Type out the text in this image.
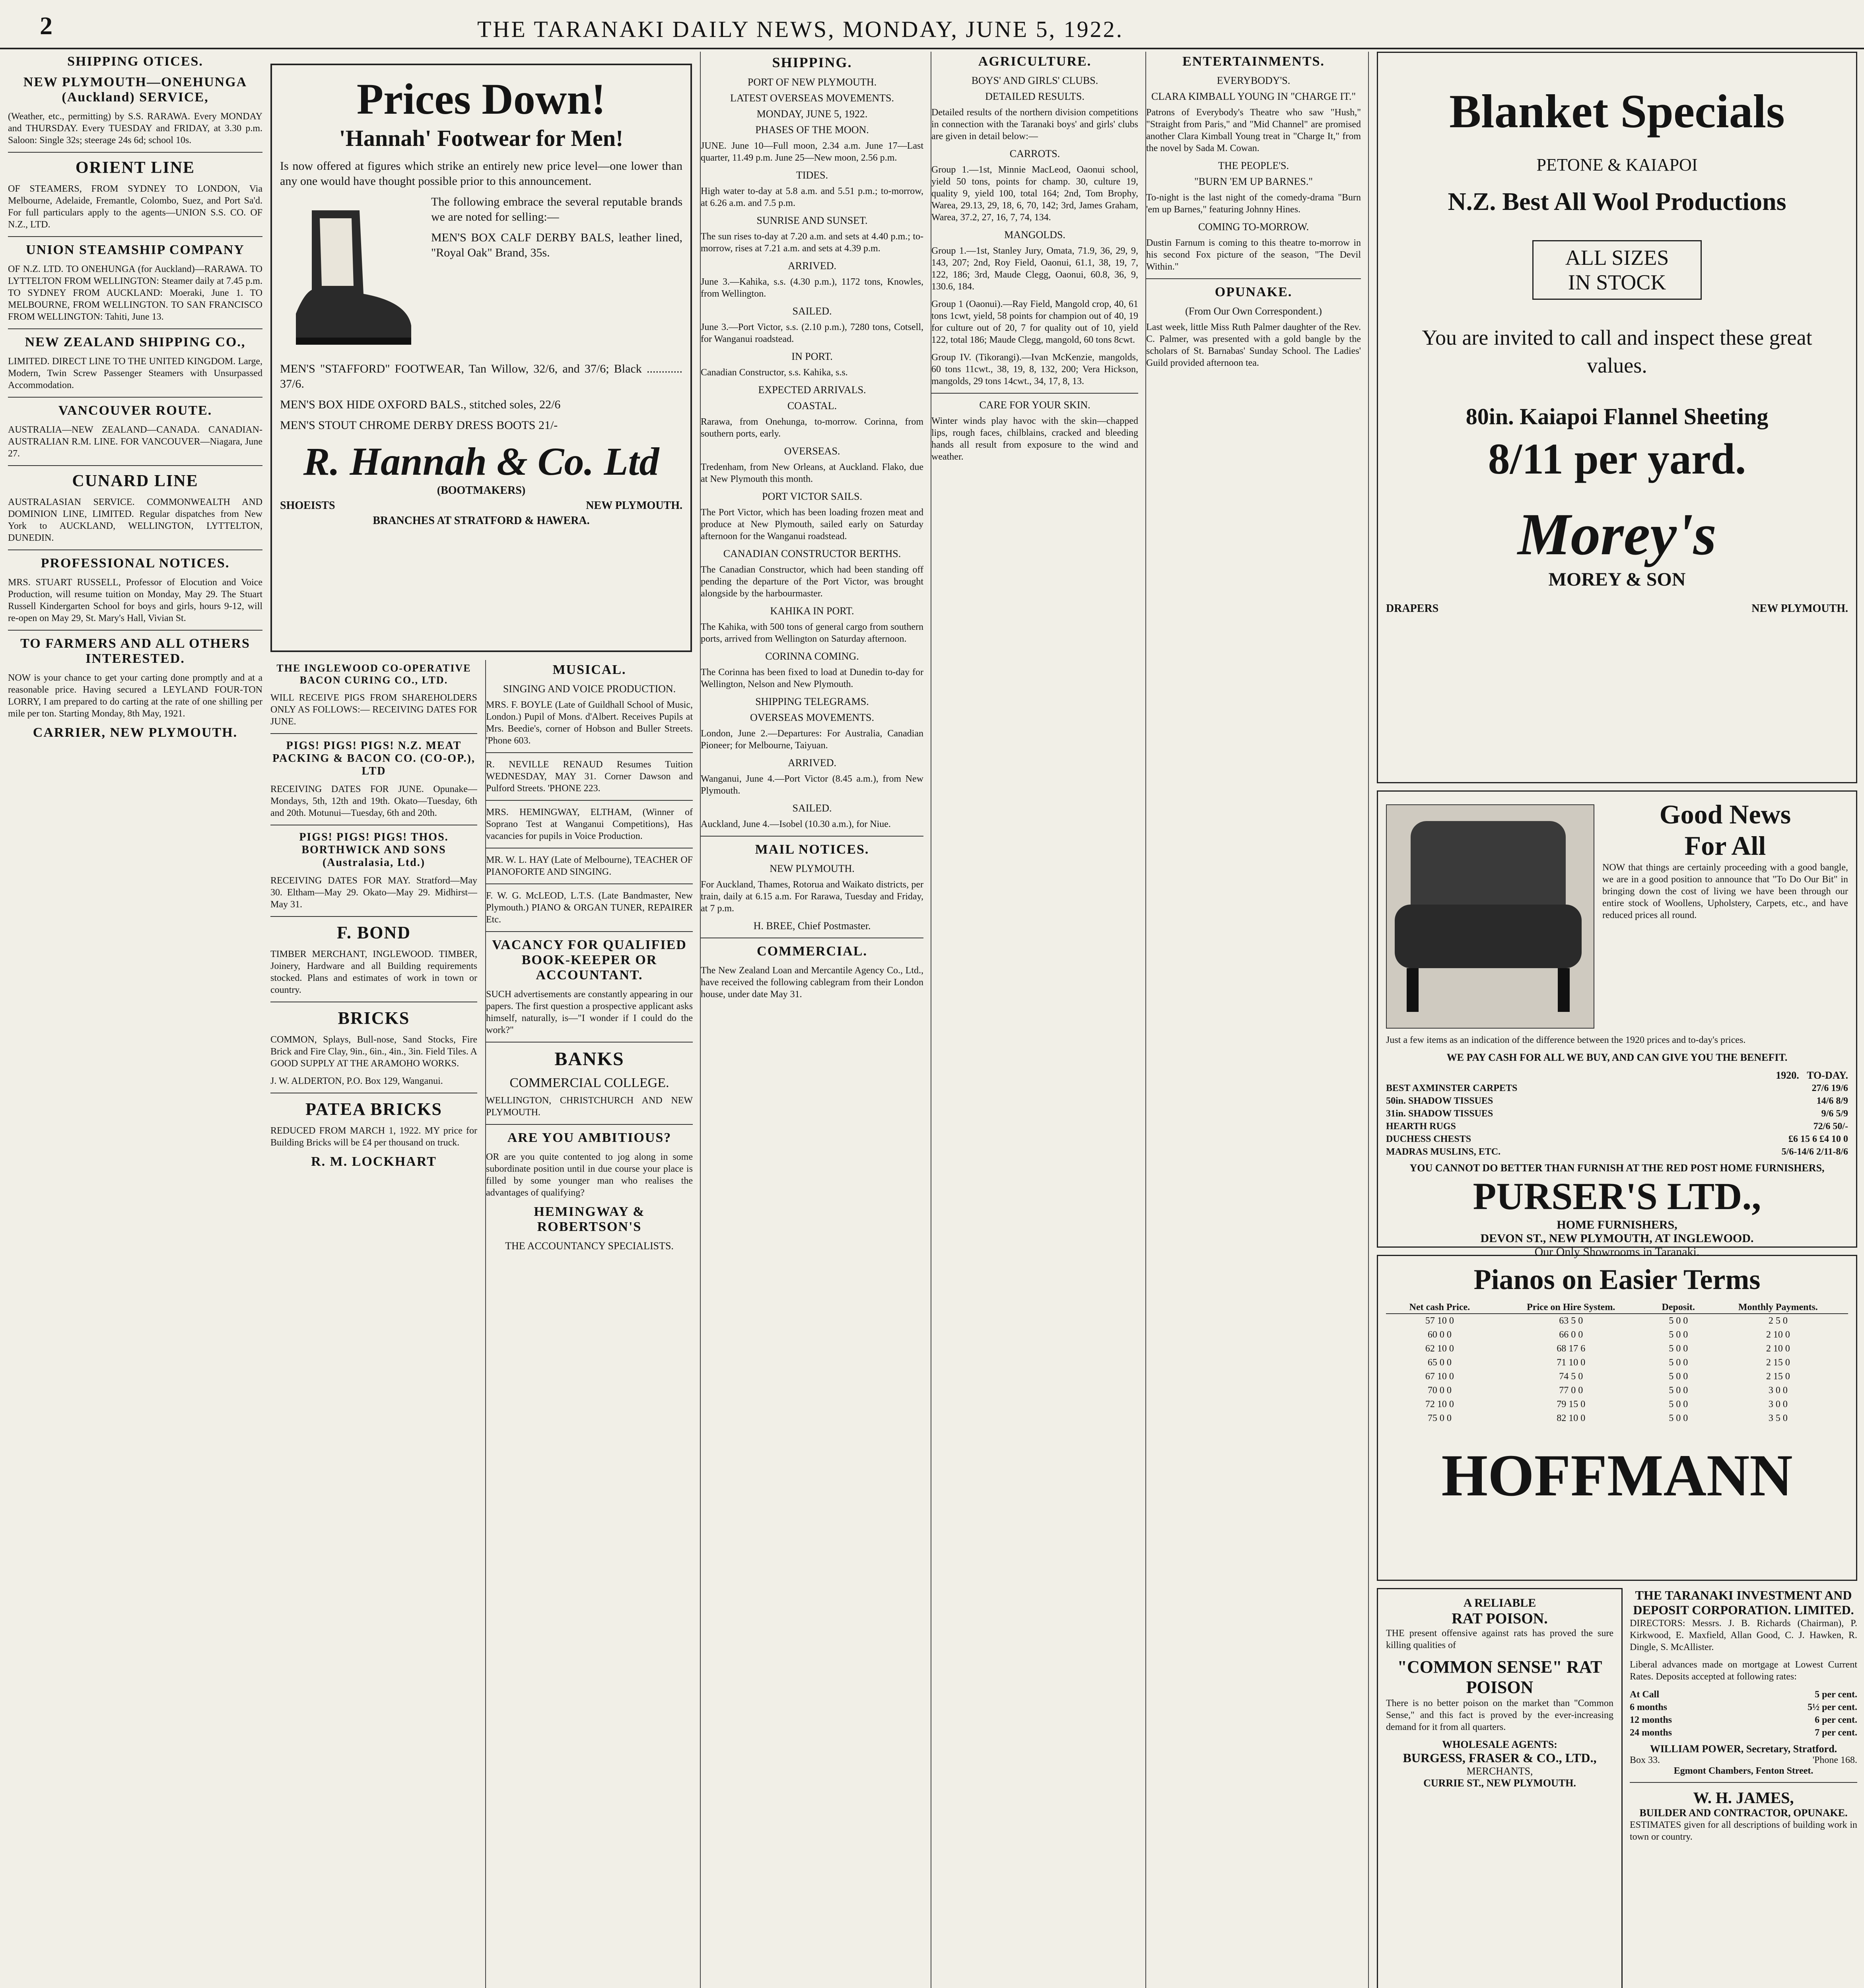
2	THE TARANAKI DAILY NEWS, MONDAY, JUNE 5, 1922.
SHIPPING OTICES.
NEW PLYMOUTH—ONEHUNGA (Auckland) SERVICE,

(Weather, etc., permitting) by S.S. RARAWA. Every MONDAY and THURSDAY. Every TUESDAY and FRIDAY, at 3.30 p.m. Saloon: Single 32s; steerage 24s 6d; school 10s.

ORIENT LINE

OF STEAMERS, FROM SYDNEY TO LONDON, Via Melbourne, Adelaide, Fremantle, Colombo, Suez, and Port Sa'd. For full particulars apply to the agents—UNION S.S. CO. OF N.Z., LTD.

UNION STEAMSHIP COMPANY

OF N.Z. LTD. TO ONEHUNGA (for Auckland)—RARAWA. TO LYTTELTON FROM WELLINGTON: Steamer daily at 7.45 p.m. TO SYDNEY FROM AUCKLAND: Moeraki, June 1. TO MELBOURNE, FROM WELLINGTON. TO SAN FRANCISCO FROM WELLINGTON: Tahiti, June 13.

NEW ZEALAND SHIPPING CO.,

LIMITED. DIRECT LINE TO THE UNITED KINGDOM. Large, Modern, Twin Screw Passenger Steamers with Unsurpassed Accommodation.

VANCOUVER ROUTE.

AUSTRALIA—NEW ZEALAND—CANADA. CANADIAN-AUSTRALIAN R.M. LINE. FOR VANCOUVER—Niagara, June 27.

CUNARD LINE

AUSTRALASIAN SERVICE. COMMONWEALTH AND DOMINION LINE, LIMITED. Regular dispatches from New York to AUCKLAND, WELLINGTON, LYTTELTON, DUNEDIN.

PROFESSIONAL NOTICES.

MRS. STUART RUSSELL, Professor of Elocution and Voice Production, will resume tuition on Monday, May 29. The Stuart Russell Kindergarten School for boys and girls, hours 9-12, will re-open on May 29, St. Mary's Hall, Vivian St.

TO FARMERS AND ALL OTHERS INTERESTED.

NOW is your chance to get your carting done promptly and at a reasonable price. Having secured a LEYLAND FOUR-TON LORRY, I am prepared to do carting at the rate of one shilling per mile per ton. Starting Monday, 8th May, 1921.

CARRIER, NEW PLYMOUTH.
Prices Down!
'Hannah' Footwear for Men!

Is now offered at figures which strike an entirely new price level—one lower than any one would have thought possible prior to this announcement.

The following embrace the several reputable brands we are noted for selling:—

MEN'S BOX CALF DERBY BALS, leather lined, "Royal Oak" Brand, 35s.

MEN'S "STAFFORD" FOOTWEAR, Tan Willow, 32/6, and 37/6; Black ............ 37/6.

MEN'S BOX HIDE OXFORD BALS., stitched soles, 22/6

MEN'S STOUT CHROME DERBY DRESS BOOTS 21/-

R. Hannah & Co. Ltd
(BOOTMAKERS)
SHOEISTS	NEW PLYMOUTH.
BRANCHES AT STRATFORD & HAWERA.
THE INGLEWOOD CO-OPERATIVE BACON CURING CO., LTD.

WILL RECEIVE PIGS FROM SHAREHOLDERS ONLY AS FOLLOWS:— RECEIVING DATES FOR JUNE.

PIGS! PIGS! PIGS! N.Z. MEAT PACKING & BACON CO. (CO-OP.), LTD

RECEIVING DATES FOR JUNE. Opunake—Mondays, 5th, 12th and 19th. Okato—Tuesday, 6th and 20th. Motunui—Tuesday, 6th and 20th.

PIGS! PIGS! PIGS! THOS. BORTHWICK AND SONS (Australasia, Ltd.)

RECEIVING DATES FOR MAY. Stratford—May 30. Eltham—May 29. Okato—May 29. Midhirst—May 31.

F. BOND

TIMBER MERCHANT, INGLEWOOD. TIMBER, Joinery, Hardware and all Building requirements stocked. Plans and estimates of work in town or country.

BRICKS

COMMON, Splays, Bull-nose, Sand Stocks, Fire Brick and Fire Clay, 9in., 6in., 4in., 3in. Field Tiles. A GOOD SUPPLY AT THE ARAMOHO WORKS.

J. W. ALDERTON, P.O. Box 129, Wanganui.

PATEA BRICKS

REDUCED FROM MARCH 1, 1922. MY price for Building Bricks will be £4 per thousand on truck.

R. M. LOCKHART
MUSICAL.
SINGING AND VOICE PRODUCTION.

MRS. F. BOYLE (Late of Guildhall School of Music, London.) Pupil of Mons. d'Albert. Receives Pupils at Mrs. Beedie's, corner of Hobson and Buller Streets. 'Phone 603.

R. NEVILLE RENAUD Resumes Tuition WEDNESDAY, MAY 31. Corner Dawson and Pulford Streets. 'PHONE 223.

MRS. HEMINGWAY, ELTHAM, (Winner of Soprano Test at Wanganui Competitions), Has vacancies for pupils in Voice Production.

MR. W. L. HAY (Late of Melbourne), TEACHER OF PIANOFORTE AND SINGING.

F. W. G. McLEOD, L.T.S. (Late Bandmaster, New Plymouth.) PIANO & ORGAN TUNER, REPAIRER Etc.

VACANCY FOR QUALIFIED BOOK-KEEPER OR ACCOUNTANT.

SUCH advertisements are constantly appearing in our papers. The first question a prospective applicant asks himself, naturally, is—"I wonder if I could do the work?"

BANKS
COMMERCIAL COLLEGE.

WELLINGTON, CHRISTCHURCH AND NEW PLYMOUTH.

ARE YOU AMBITIOUS?

OR are you quite contented to jog along in some subordinate position until in due course your place is filled by some younger man who realises the advantages of qualifying?

HEMINGWAY & ROBERTSON'S
THE ACCOUNTANCY SPECIALISTS.
SHIPPING.
PORT OF NEW PLYMOUTH.
LATEST OVERSEAS MOVEMENTS.
MONDAY, JUNE 5, 1922.
PHASES OF THE MOON.

JUNE. June 10—Full moon, 2.34 a.m. June 17—Last quarter, 11.49 p.m. June 25—New moon, 2.56 p.m.

TIDES.

High water to-day at 5.8 a.m. and 5.51 p.m.; to-morrow, at 6.26 a.m. and 7.5 p.m.

SUNRISE AND SUNSET.

The sun rises to-day at 7.20 a.m. and sets at 4.40 p.m.; to-morrow, rises at 7.21 a.m. and sets at 4.39 p.m.

ARRIVED.

June 3.—Kahika, s.s. (4.30 p.m.), 1172 tons, Knowles, from Wellington.

SAILED.

June 3.—Port Victor, s.s. (2.10 p.m.), 7280 tons, Cotsell, for Wanganui roadstead.

IN PORT.

Canadian Constructor, s.s. Kahika, s.s.

EXPECTED ARRIVALS.
COASTAL.

Rarawa, from Onehunga, to-morrow. Corinna, from southern ports, early.

OVERSEAS.

Tredenham, from New Orleans, at Auckland. Flako, due at New Plymouth this month.

PORT VICTOR SAILS.

The Port Victor, which has been loading frozen meat and produce at New Plymouth, sailed early on Saturday afternoon for the Wanganui roadstead.

CANADIAN CONSTRUCTOR BERTHS.

The Canadian Constructor, which had been standing off pending the departure of the Port Victor, was brought alongside by the harbourmaster.

KAHIKA IN PORT.

The Kahika, with 500 tons of general cargo from southern ports, arrived from Wellington on Saturday afternoon.

CORINNA COMING.

The Corinna has been fixed to load at Dunedin to-day for Wellington, Nelson and New Plymouth.

SHIPPING TELEGRAMS.
OVERSEAS MOVEMENTS.

London, June 2.—Departures: For Australia, Canadian Pioneer; for Melbourne, Taiyuan.

ARRIVED.

Wanganui, June 4.—Port Victor (8.45 a.m.), from New Plymouth.

SAILED.

Auckland, June 4.—Isobel (10.30 a.m.), for Niue.

MAIL NOTICES.
NEW PLYMOUTH.

For Auckland, Thames, Rotorua and Waikato districts, per train, daily at 6.15 a.m. For Rarawa, Tuesday and Friday, at 7 p.m.

H. BREE, Chief Postmaster.
COMMERCIAL.

The New Zealand Loan and Mercantile Agency Co., Ltd., have received the following cablegram from their London house, under date May 31.

AGRICULTURE.
BOYS' AND GIRLS' CLUBS.
DETAILED RESULTS.

Detailed results of the northern division competitions in connection with the Taranaki boys' and girls' clubs are given in detail below:—

CARROTS.

Group 1.—1st, Minnie MacLeod, Oaonui school, yield 50 tons, points for champ. 30, culture 19, quality 9, yield 100, total 164; 2nd, Tom Brophy, Warea, 29.13, 29, 18, 6, 70, 142; 3rd, James Graham, Warea, 37.2, 27, 16, 7, 74, 134.

MANGOLDS.

Group 1.—1st, Stanley Jury, Omata, 71.9, 36, 29, 9, 143, 207; 2nd, Roy Field, Oaonui, 61.1, 38, 19, 7, 122, 186; 3rd, Maude Clegg, Oaonui, 60.8, 36, 9, 130.6, 184.

Group 1 (Oaonui).—Ray Field, Mangold crop, 40, 61 tons 1cwt, yield, 58 points for champion out of 40, 19 for culture out of 20, 7 for quality out of 10, yield 122, total 186; Maude Clegg, mangold, 60 tons 8cwt.

Group IV. (Tikorangi).—Ivan McKenzie, mangolds, 60 tons 11cwt., 38, 19, 8, 132, 200; Vera Hickson, mangolds, 29 tons 14cwt., 34, 17, 8, 13.

CARE FOR YOUR SKIN.

Winter winds play havoc with the skin—chapped lips, rough faces, chilblains, cracked and bleeding hands all result from exposure to the wind and weather.

ENTERTAINMENTS.
EVERYBODY'S.
CLARA KIMBALL YOUNG IN "CHARGE IT."

Patrons of Everybody's Theatre who saw "Hush," "Straight from Paris," and "Mid Channel" are promised another Clara Kimball Young treat in "Charge It," from the novel by Sada M. Cowan.

THE PEOPLE'S.
"BURN 'EM UP BARNES."

To-night is the last night of the comedy-drama "Burn 'em up Barnes," featuring Johnny Hines.

COMING TO-MORROW.

Dustin Farnum is coming to this theatre to-morrow in his second Fox picture of the season, "The Devil Within."

OPUNAKE.
(From Our Own Correspondent.)

Last week, little Miss Ruth Palmer daughter of the Rev. C. Palmer, was presented with a gold bangle by the scholars of St. Barnabas' Sunday School. The Ladies' Guild provided afternoon tea.

Blanket Specials
PETONE & KAIAPOI
N.Z. Best All Wool Productions
ALL SIZES
IN STOCK

You are invited to call and inspect these great values.

80in. Kaiapoi Flannel Sheeting
8/11 per yard.
Morey's
MOREY & SON
DRAPERS	NEW PLYMOUTH.
Good News
For All

NOW that things are certainly proceeding with a good bangle, we are in a good position to announce that "To Do Our Bit" in bringing down the cost of living we have been through our entire stock of Woollens, Upholstery, Carpets, etc., and have reduced prices all round.

Just a few items as an indication of the difference between the 1920 prices and to-day's prices.

WE PAY CASH FOR ALL WE BUY, AND CAN GIVE YOU THE BENEFIT.

1920. TO-DAY.
BEST AXMINSTER CARPETS	27/6 19/6
50in. SHADOW TISSUES	14/6 8/9
31in. SHADOW TISSUES	9/6 5/9
HEARTH RUGS	72/6 50/-
DUCHESS CHESTS	£6 15 6 £4 10 0
MADRAS MUSLINS, ETC.	5/6-14/6 2/11-8/6
YOU CANNOT DO BETTER THAN FURNISH AT THE RED POST HOME FURNISHERS,
PURSER'S LTD.,
HOME FURNISHERS,
DEVON ST., NEW PLYMOUTH, AT INGLEWOOD.
Our Only Showrooms in Taranaki.
Pianos on Easier Terms
Net cash Price.	Price on Hire System.	Deposit.	Monthly Payments.
57 10 0	63 5 0	5 0 0	2 5 0
60 0 0	66 0 0	5 0 0	2 10 0
62 10 0	68 17 6	5 0 0	2 10 0
65 0 0	71 10 0	5 0 0	2 15 0
67 10 0	74 5 0	5 0 0	2 15 0
70 0 0	77 0 0	5 0 0	3 0 0
72 10 0	79 15 0	5 0 0	3 0 0
75 0 0	82 10 0	5 0 0	3 5 0
HOFFMANN
A RELIABLE
RAT POISON.

THE present offensive against rats has proved the sure killing qualities of

"COMMON SENSE" RAT POISON

There is no better poison on the market than "Common Sense," and this fact is proved by the ever-increasing demand for it from all quarters.

WHOLESALE AGENTS:
BURGESS, FRASER & CO., LTD.,
MERCHANTS,
CURRIE ST., NEW PLYMOUTH.
THE TARANAKI INVESTMENT AND DEPOSIT CORPORATION. LIMITED.

DIRECTORS: Messrs. J. B. Richards (Chairman), P. Kirkwood, E. Maxfield, Allan Good, C. J. Hawken, R. Dingle, S. McAllister.

Liberal advances made on mortgage at Lowest Current Rates. Deposits accepted at following rates:

At Call	5 per cent.
6 months	5½ per cent.
12 months	6 per cent.
24 months	7 per cent.
WILLIAM POWER, Secretary, Stratford.
Box 33.	'Phone 168.
Egmont Chambers, Fenton Street.
W. H. JAMES,
BUILDER AND CONTRACTOR, OPUNAKE.

ESTIMATES given for all descriptions of building work in town or country.
